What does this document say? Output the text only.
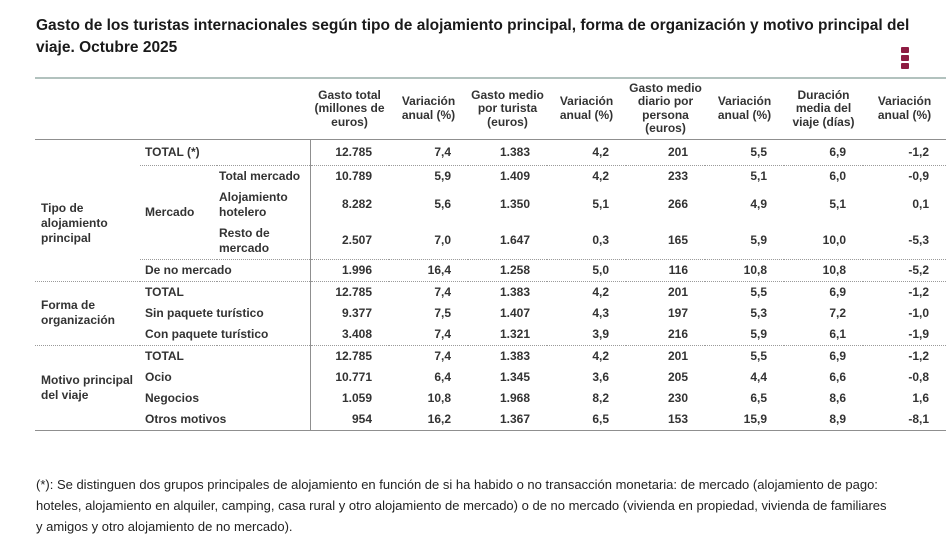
Gasto de los turistas internacionales según tipo de alojamiento principal, forma de organización y motivo principal del viaje. Octubre 2025
			Gasto total (millones de euros)	Variación anual (%)	Gasto medio por turista (euros)	Variación anual (%)	Gasto medio diario por persona (euros)	Variación anual (%)	Duración media del viaje (días)	Variación anual (%)
	TOTAL (*)		12.785	7,4	1.383	4,2	201	5,5	6,9	-1,2
Tipo de alojamiento principal	Mercado	Total mercado	10.789	5,9	1.409	4,2	233	5,1	6,0	-0,9
		Alojamiento hotelero	8.282	5,6	1.350	5,1	266	4,9	5,1	0,1
		Resto de mercado	2.507	7,0	1.647	0,3	165	5,9	10,0	-5,3
	De no mercado		1.996	16,4	1.258	5,0	116	10,8	10,8	-5,2
Forma de organización	TOTAL		12.785	7,4	1.383	4,2	201	5,5	6,9	-1,2
	Sin paquete turístico		9.377	7,5	1.407	4,3	197	5,3	7,2	-1,0
	Con paquete turístico		3.408	7,4	1.321	3,9	216	5,9	6,1	-1,9
Motivo principal del viaje	TOTAL		12.785	7,4	1.383	4,2	201	5,5	6,9	-1,2
	Ocio		10.771	6,4	1.345	3,6	205	4,4	6,6	-0,8
	Negocios		1.059	10,8	1.968	8,2	230	6,5	8,6	1,6
	Otros motivos		954	16,2	1.367	6,5	153	15,9	8,9	-8,1

(*): Se distinguen dos grupos principales de alojamiento en función de si ha habido o no transacción monetaria: de mercado (alojamiento de pago: hoteles, alojamiento en alquiler, camping, casa rural y otro alojamiento de mercado) o de no mercado (vivienda en propiedad, vivienda de familiares y amigos y otro alojamiento de no mercado).
